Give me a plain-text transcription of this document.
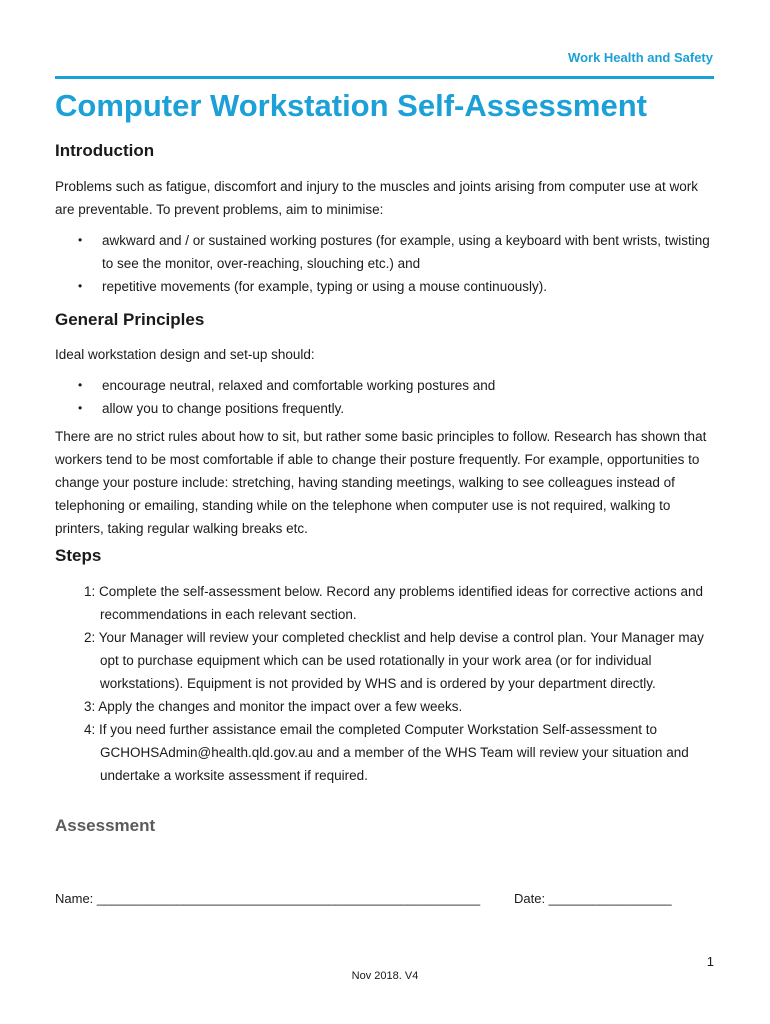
Work Health and Safety
Computer Workstation Self-Assessment
Introduction

Problems such as fatigue, discomfort and injury to the muscles and joints arising from computer use at work are preventable. To prevent problems, aim to minimise:

• awkward and / or sustained working postures (for example, using a keyboard with bent wrists, twisting to see the monitor, over-reaching, slouching etc.) and
• repetitive movements (for example, typing or using a mouse continuously).
General Principles

Ideal workstation design and set-up should:

• encourage neutral, relaxed and comfortable working postures and
• allow you to change positions frequently.

There are no strict rules about how to sit, but rather some basic principles to follow. Research has shown that workers tend to be most comfortable if able to change their posture frequently. For example, opportunities to change your posture include: stretching, having standing meetings, walking to see colleagues instead of telephoning or emailing, standing while on the telephone when computer use is not required, walking to printers, taking regular walking breaks etc.

Steps
1: Complete the self-assessment below. Record any problems identified ideas for corrective actions and recommendations in each relevant section.
2: Your Manager will review your completed checklist and help devise a control plan. Your Manager may opt to purchase equipment which can be used rotationally in your work area (or for individual workstations). Equipment is not provided by WHS and is ordered by your department directly.
3: Apply the changes and monitor the impact over a few weeks.
4: If you need further assistance email the completed Computer Workstation Self-assessment to GCHOHSAdmin@health.qld.gov.au and a member of the WHS Team will review your situation and undertake a worksite assessment if required.
Assessment
Name: _____________________________________________________	Date: _________________
1
Nov 2018. V4
